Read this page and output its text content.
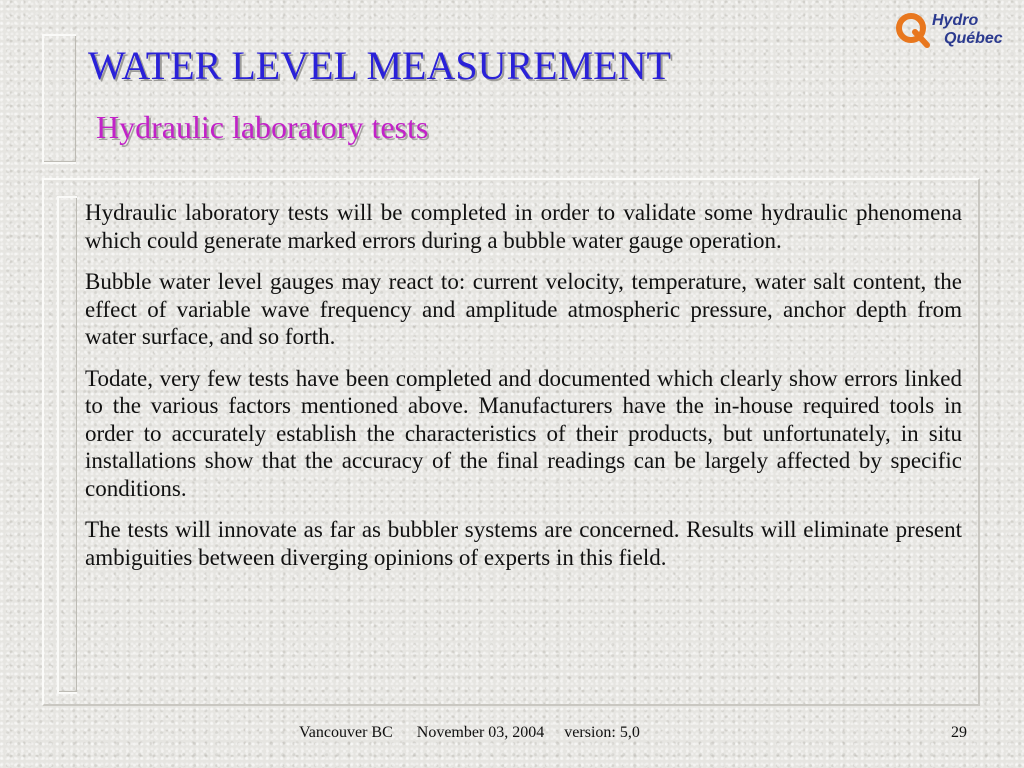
WATER LEVEL MEASUREMENT
Hydraulic laboratory tests
Hydro
Québec

Hydraulic laboratory tests will be completed in order to validate some hydraulic phenomena which could generate marked errors during a bubble water gauge operation.

Bubble water level gauges may react to: current velocity, temperature, water salt content, the effect of variable wave frequency and amplitude atmospheric pressure, anchor depth from water surface, and so forth.

Todate, very few tests have been completed and documented which clearly show errors linked to the various factors mentioned above. Manufacturers have the in-house required tools in order to accurately establish the characteristics of their products, but unfortunately, in situ installations show that the accuracy of the final readings can be largely affected by specific conditions.

The tests will innovate as far as bubbler systems are concerned. Results will eliminate present ambiguities between diverging opinions of experts in this field.

Vancouver BC November 03, 2004 version: 5,0	29
